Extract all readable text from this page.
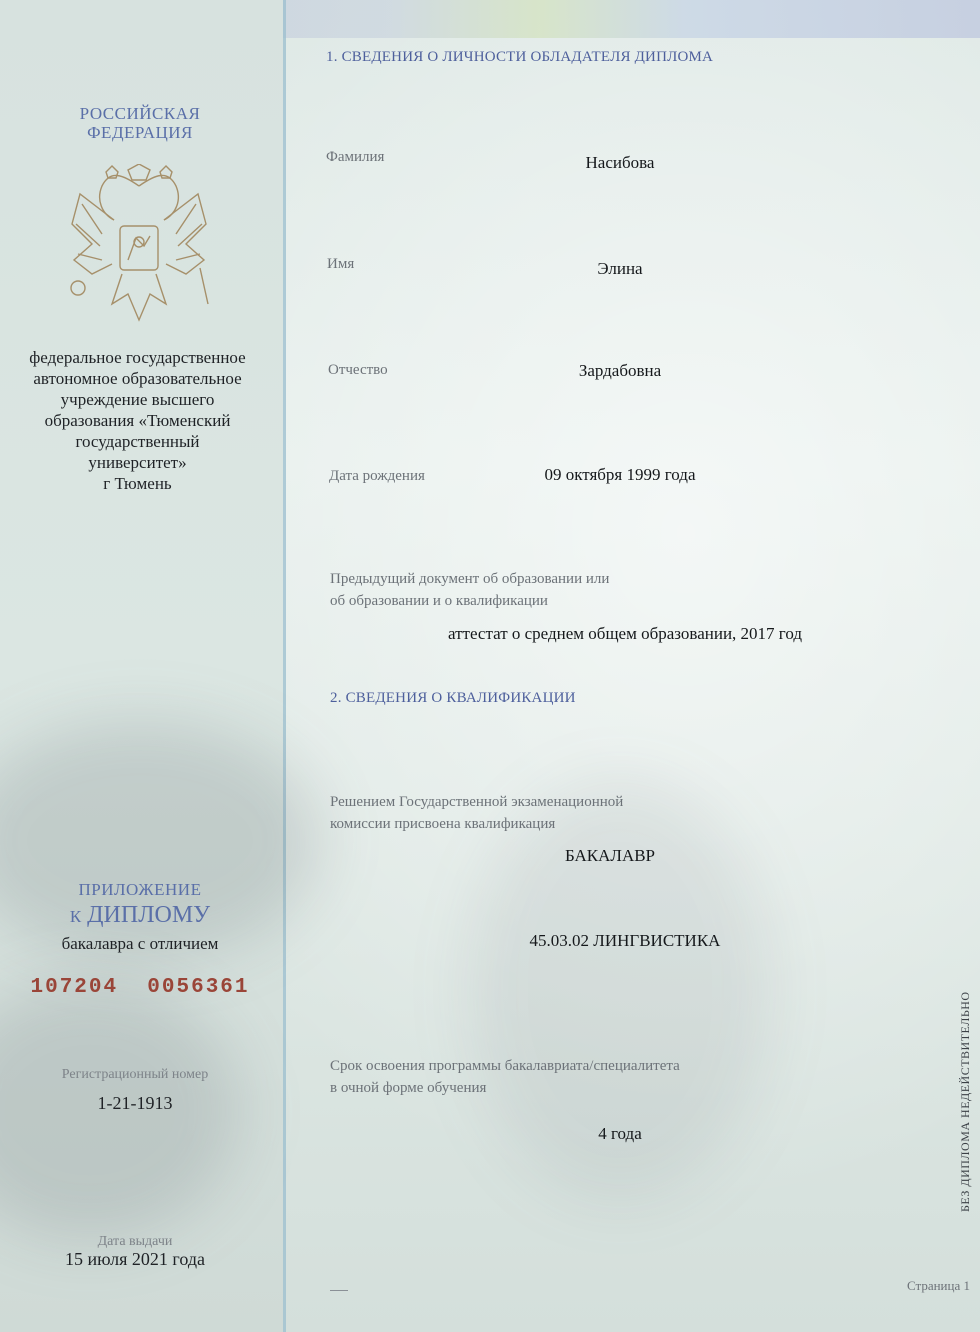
РОССИЙСКАЯ
ФЕДЕРАЦИЯ
федеральное государственное
автономное образовательное
учреждение высшего
образования «Тюменский
государственный
университет»
г Тюмень
ПРИЛОЖЕНИЕ
К ДИПЛОМУ
бакалавра с отличием
107204  0056361
Регистрационный номер
1-21-1913
Дата выдачи
15 июля 2021 года
1. СВЕДЕНИЯ О ЛИЧНОСТИ ОБЛАДАТЕЛЯ ДИПЛОМА
Фамилия	Насибова
Имя	Элина
Отчество	Зардабовна
Дата рождения	09 октября 1999 года
Предыдущий документ об образовании или
об образовании и о квалификации
аттестат о среднем общем образовании, 2017 год
2. СВЕДЕНИЯ О КВАЛИФИКАЦИИ
Решением Государственной экзаменационной
комиссии присвоена квалификация
БАКАЛАВР
45.03.02 ЛИНГВИСТИКА
Срок освоения программы бакалавриата/специалитета
в очной форме обучения
4 года	БЕЗ ДИПЛОМА НЕДЕЙСТВИТЕЛЬНО
Страница 1
